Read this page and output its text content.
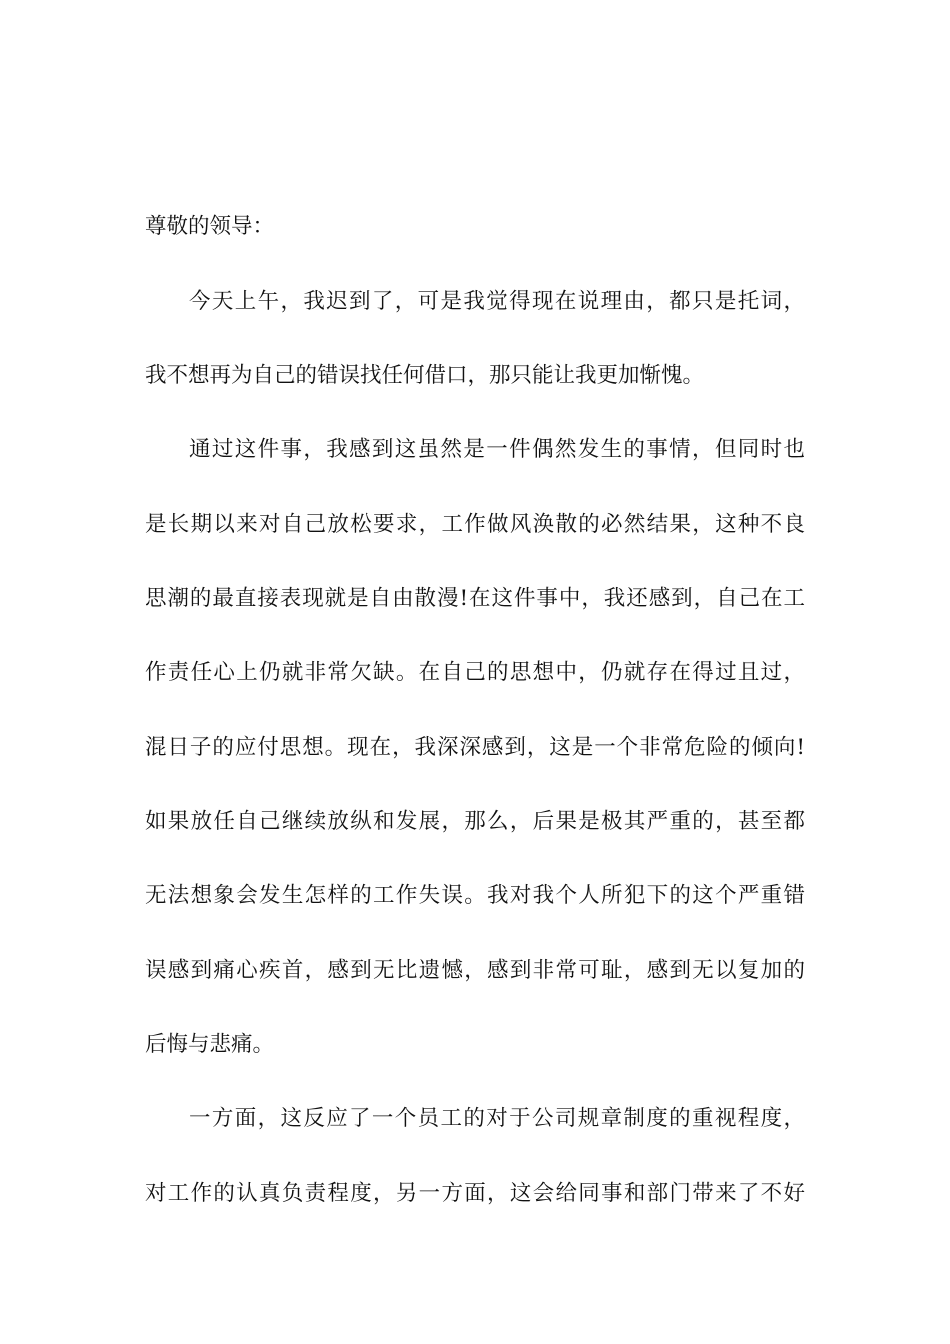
尊敬的领导：
今天上午，我迟到了，可是我觉得现在说理由，都只是托词，
我不想再为自己的错误找任何借口，那只能让我更加惭愧。
通过这件事，我感到这虽然是一件偶然发生的事情，但同时也
是长期以来对自己放松要求，工作做风涣散的必然结果，这种不良
思潮的最直接表现就是自由散漫!在这件事中，我还感到，自己在工
作责任心上仍就非常欠缺。在自己的思想中，仍就存在得过且过，
混日子的应付思想。现在，我深深感到，这是一个非常危险的倾向!
如果放任自己继续放纵和发展，那么，后果是极其严重的，甚至都
无法想象会发生怎样的工作失误。我对我个人所犯下的这个严重错
误感到痛心疾首，感到无比遗憾，感到非常可耻，感到无以复加的
后悔与悲痛。
一方面，这反应了一个员工的对于公司规章制度的重视程度，
对工作的认真负责程度，另一方面，这会给同事和部门带来了不好
